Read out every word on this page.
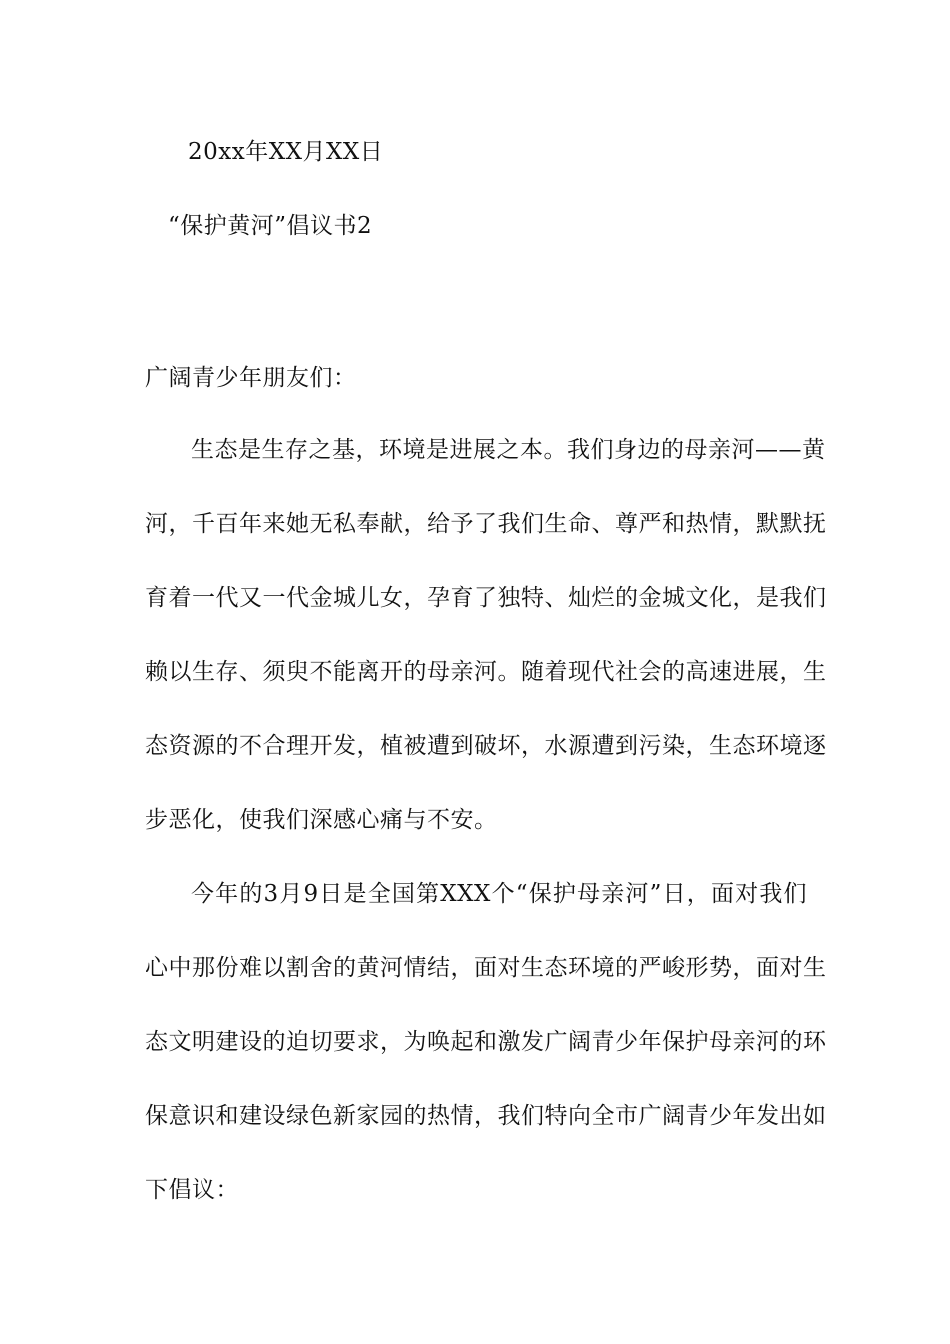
20xx年XX月XX日
“保护黄河”倡议书2
广阔青少年朋友们：
生态是生存之基，环境是进展之本。我们身边的母亲河——黄
河，千百年来她无私奉献，给予了我们生命、尊严和热情，默默抚
育着一代又一代金城儿女，孕育了独特、灿烂的金城文化，是我们
赖以生存、须臾不能离开的母亲河。随着现代社会的高速进展，生
态资源的不合理开发，植被遭到破坏，水源遭到污染，生态环境逐
步恶化，使我们深感心痛与不安。
今年的3月9日是全国第XXX个“保护母亲河”日，面对我们
心中那份难以割舍的黄河情结，面对生态环境的严峻形势，面对生
态文明建设的迫切要求，为唤起和激发广阔青少年保护母亲河的环
保意识和建设绿色新家园的热情，我们特向全市广阔青少年发出如
下倡议：
